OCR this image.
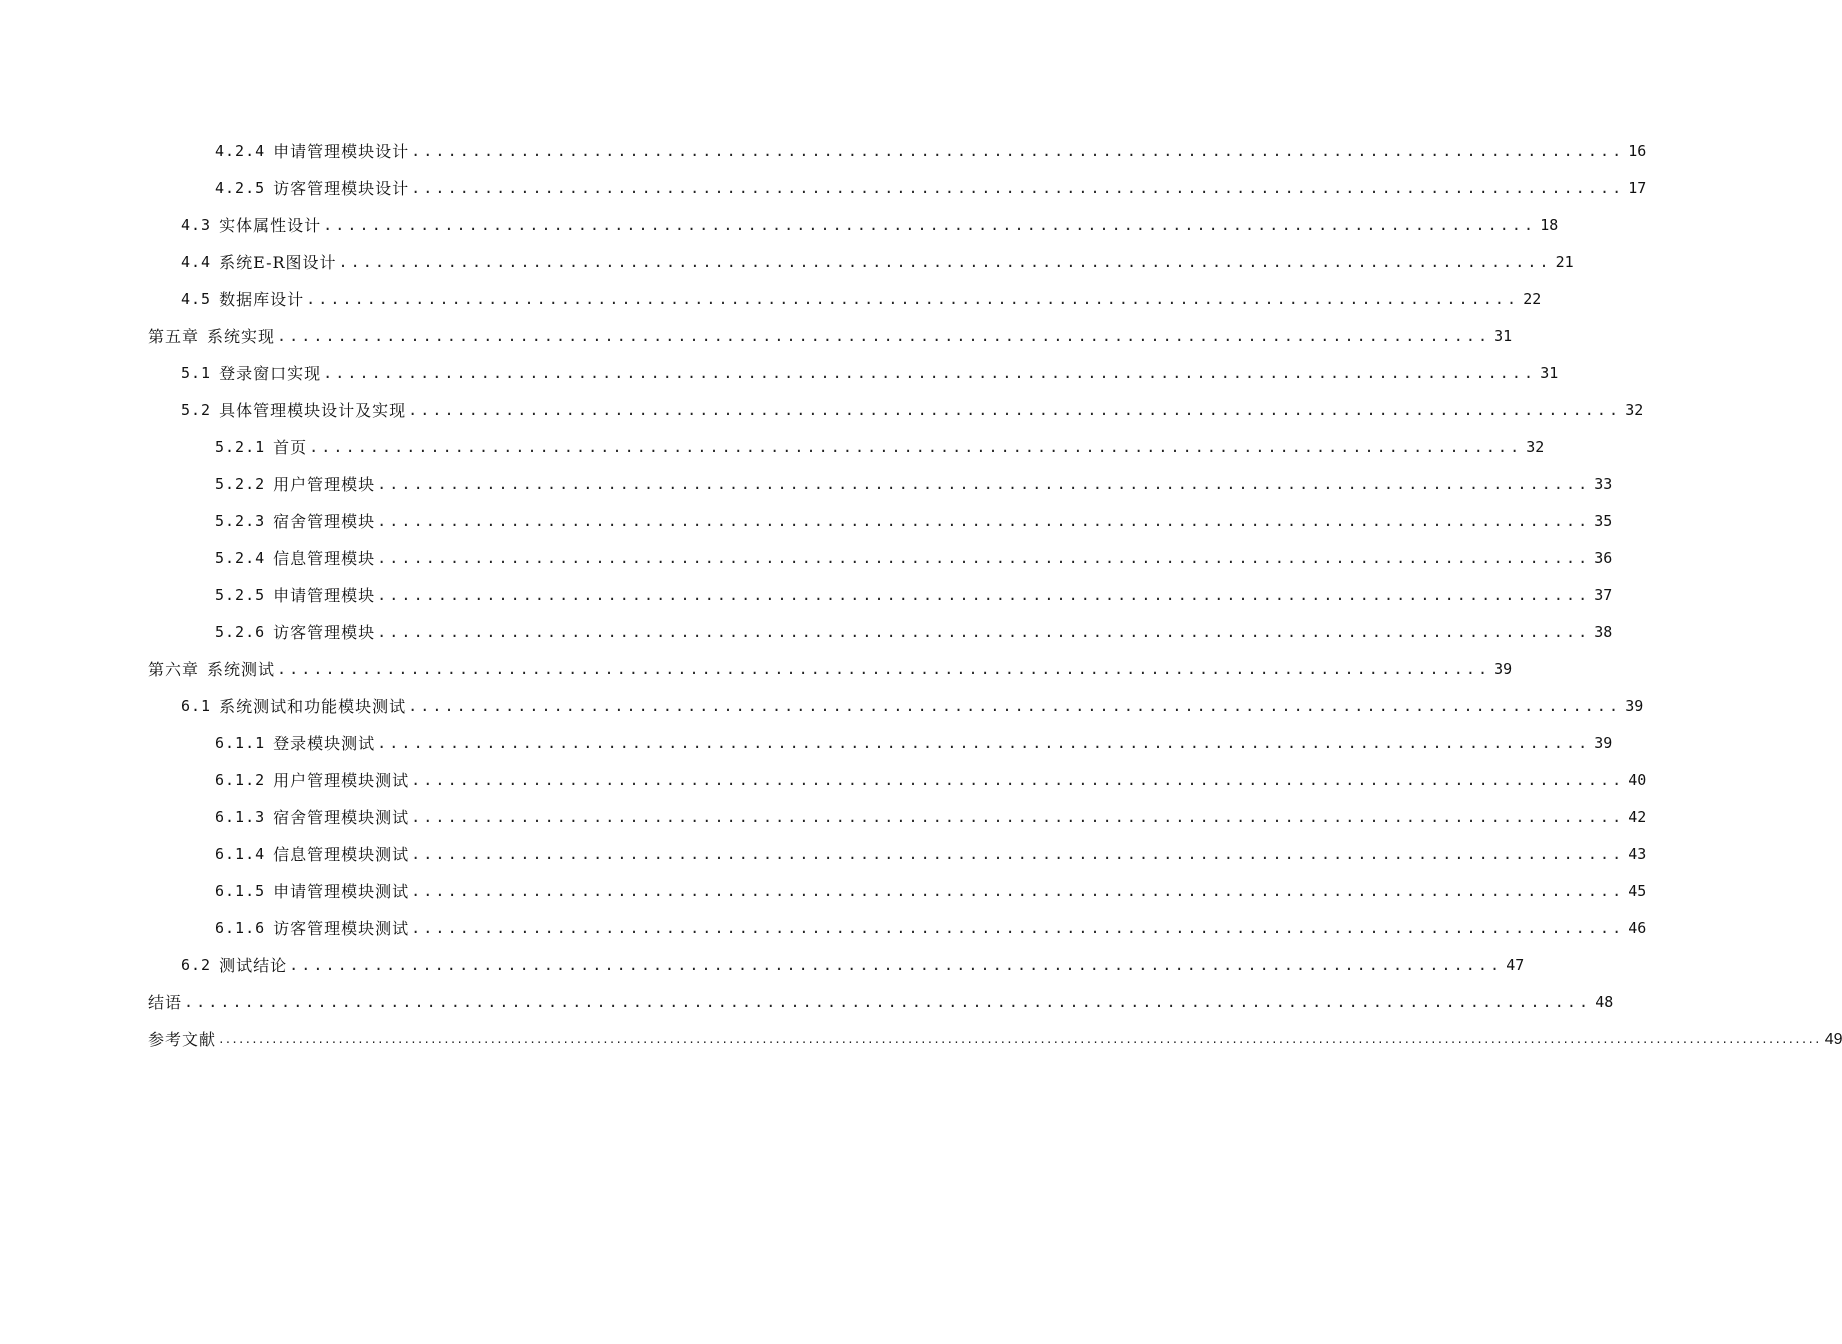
4.2.4 申请管理模块设计 .................................................................................................... 16
4.2.5 访客管理模块设计 .................................................................................................... 17
4.3 实体属性设计 .................................................................................................... 18
4.4 系统E-R图设计 .................................................................................................... 21
4.5 数据库设计 .................................................................................................... 22
第五章 系统实现 .................................................................................................... 31
5.1 登录窗口实现 .................................................................................................... 31
5.2 具体管理模块设计及实现 .................................................................................................... 32
5.2.1 首页 .................................................................................................... 32
5.2.2 用户管理模块 .................................................................................................... 33
5.2.3 宿舍管理模块 .................................................................................................... 35
5.2.4 信息管理模块 .................................................................................................... 36
5.2.5 申请管理模块 .................................................................................................... 37
5.2.6 访客管理模块 .................................................................................................... 38
第六章 系统测试 .................................................................................................... 39
6.1 系统测试和功能模块测试 .................................................................................................... 39
6.1.1 登录模块测试 .................................................................................................... 39
6.1.2 用户管理模块测试 .................................................................................................... 40
6.1.3 宿舍管理模块测试 .................................................................................................... 42
6.1.4 信息管理模块测试 .................................................................................................... 43
6.1.5 申请管理模块测试 .................................................................................................... 45
6.1.6 访客管理模块测试 .................................................................................................... 46
6.2 测试结论 .................................................................................................... 47
结语 .................................................................................................................... 48
参考文献 .................................................................................................................................................................................................................................................. 49
